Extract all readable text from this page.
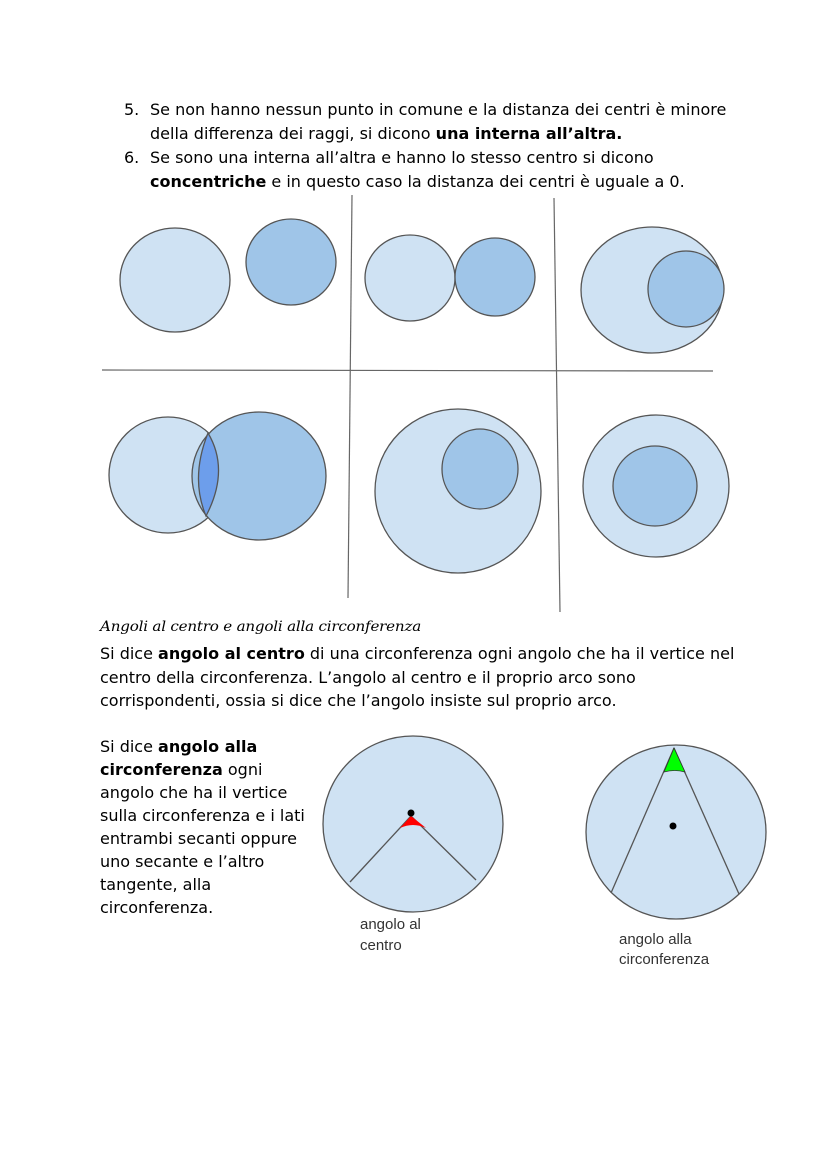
5. Se non hanno nessun punto in comune e la distanza dei centri è minore della differenza dei raggi, si dicono una interna all’altra.
6. Se sono una interna all’altra e hanno lo stesso centro si dicono concentriche e in questo caso la distanza dei centri è uguale a 0.
Angoli al centro e angoli alla circonferenza
Si dice angolo al centro di una circonferenza ogni angolo che ha il vertice nel centro della circonferenza. L’angolo al centro e il proprio arco sono corrispondenti, ossia si dice che l’angolo insiste sul proprio arco.
Si dice angolo alla circonferenza ogni angolo che ha il vertice sulla circonferenza e i lati entrambi secanti oppure uno secante e l’altro tangente, alla circonferenza.
angolo al
centro	angolo alla
circonferenza
